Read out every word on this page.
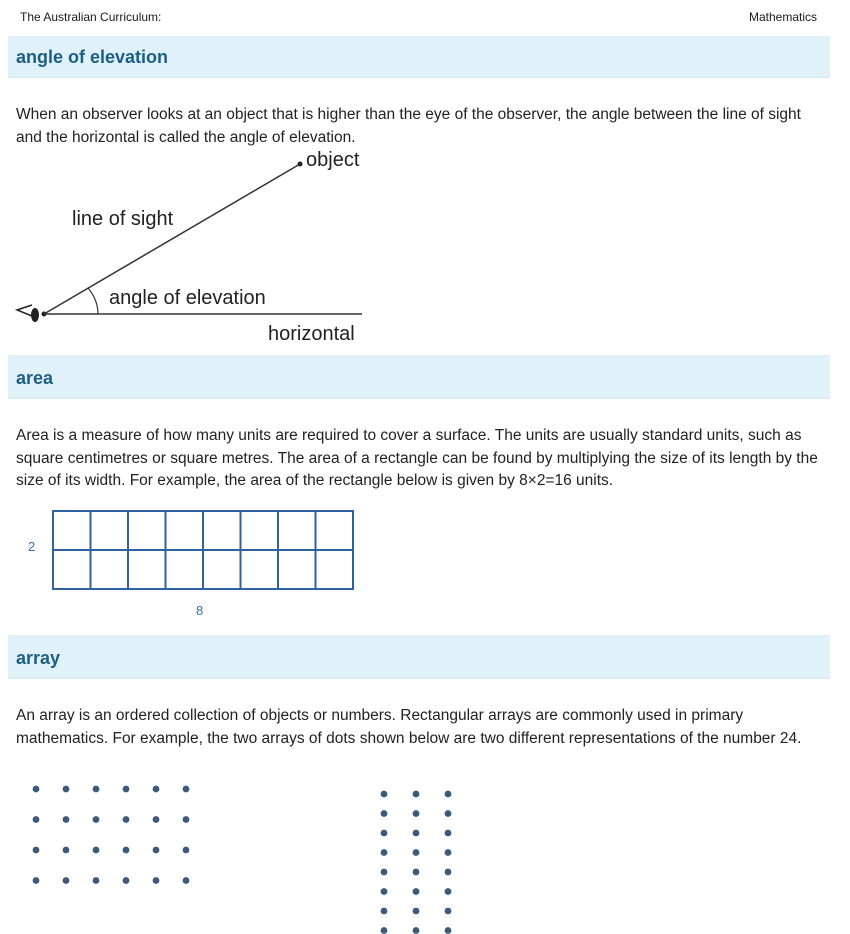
The Australian Curriculum:	Mathematics
angle of elevation
When an observer looks at an object that is higher than the eye of the observer, the angle between the line of sight and the horizontal is called the angle of elevation.
object
line of sight
angle of elevation
horizontal
area
Area is a measure of how many units are required to cover a surface. The units are usually standard units, such as square centimetres or square metres. The area of a rectangle can be found by multiplying the size of its length by the size of its width. For example, the area of the rectangle below is given by 8×2=16 units.
2
8
array
An array is an ordered collection of objects or numbers. Rectangular arrays are commonly used in primary mathematics. For example, the two arrays of dots shown below are two different representations of the number 24.
